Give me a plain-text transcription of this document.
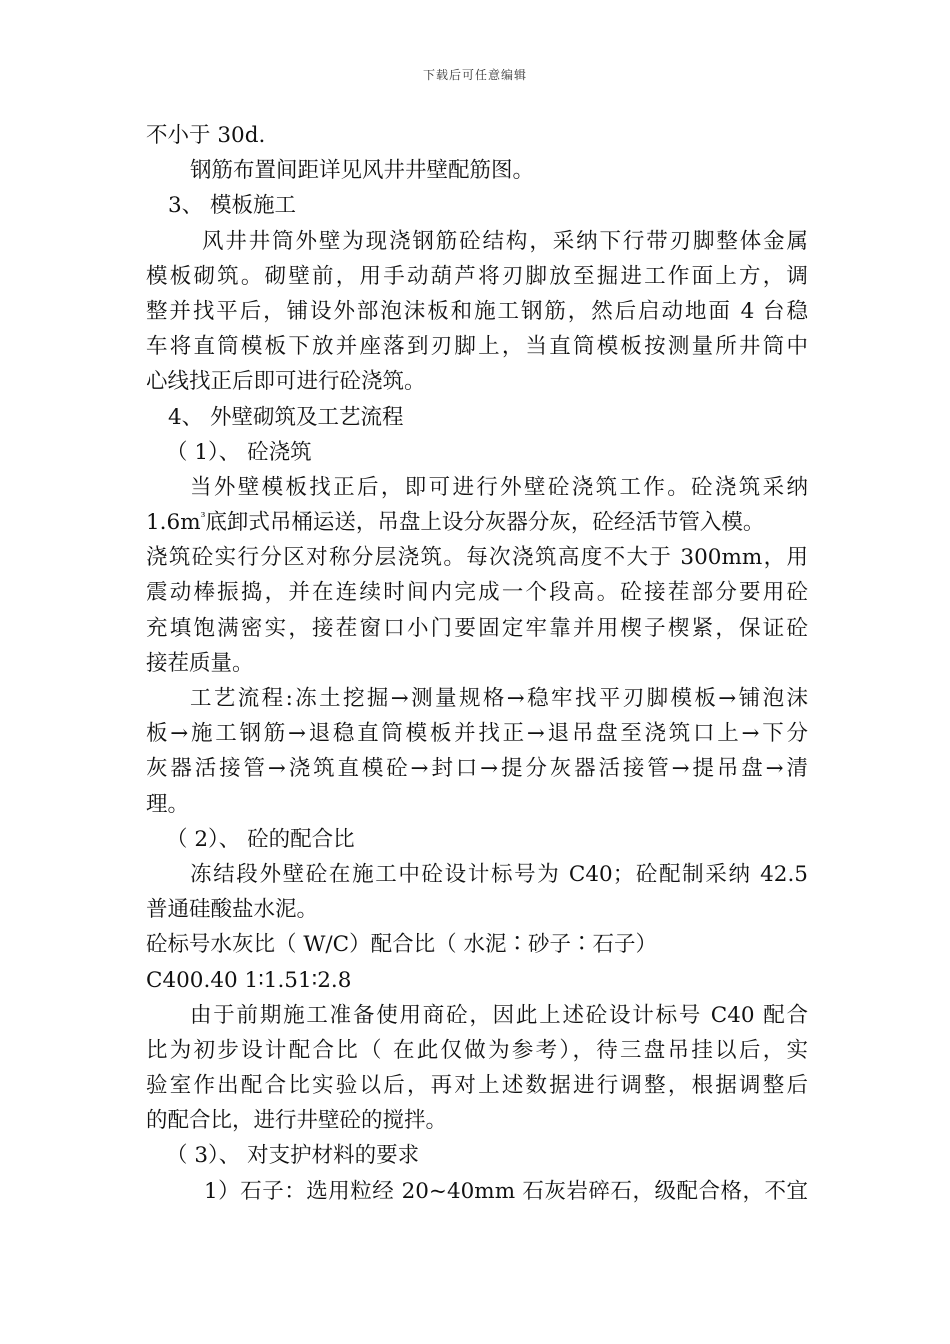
下载后可任意编辑
不小于 30d.
钢筋布置间距详见风井井壁配筋图。
3、 模板施工
风井井筒外壁为现浇钢筋砼结构，采纳下行带刃脚整体金属
模板砌筑。砌壁前，用手动葫芦将刃脚放至掘进工作面上方，调
整并找平后，铺设外部泡沫板和施工钢筋，然后启动地面 4 台稳
车将直筒模板下放并座落到刃脚上，当直筒模板按测量所井筒中
心线找正后即可进行砼浇筑。
4、 外壁砌筑及工艺流程
（ 1）、 砼浇筑
当外壁模板找正后，即可进行外壁砼浇筑工作。砼浇筑采纳
$1.6m^{^3}$底卸式吊桶运送，吊盘上设分灰器分灰，砼经活节管入模。
浇筑砼实行分区对称分层浇筑。每次浇筑高度不大于 300mm，用
震动棒振捣，并在连续时间内完成一个段高。砼接茬部分要用砼
充填饱满密实，接茬窗口小门要固定牢靠并用楔子楔紧，保证砼
接茬质量。
工艺流程:冻土挖掘→测量规格→稳牢找平刃脚模板→铺泡沫
板→施工钢筋→退稳直筒模板并找正→退吊盘至浇筑口上→下分
灰器活接管→浇筑直模砼→封口→提分灰器活接管→提吊盘→清
理。
（ 2）、 砼的配合比
冻结段外壁砼在施工中砼设计标号为 C40；砼配制采纳 42.5
普通硅酸盐水泥。
砼标号水灰比（ W/C）配合比（ 水泥∶砂子∶石子）
C400.40 1∶1.51∶2.8
由于前期施工准备使用商砼，因此上述砼设计标号 C40 配合
比为初步设计配合比（ 在此仅做为参考），待三盘吊挂以后，实
验室作出配合比实验以后，再对上述数据进行调整，根据调整后
的配合比，进行井壁砼的搅拌。
（ 3）、 对支护材料的要求
1）石子：选用粒经 20~40mm 石灰岩碎石，级配合格，不宜
